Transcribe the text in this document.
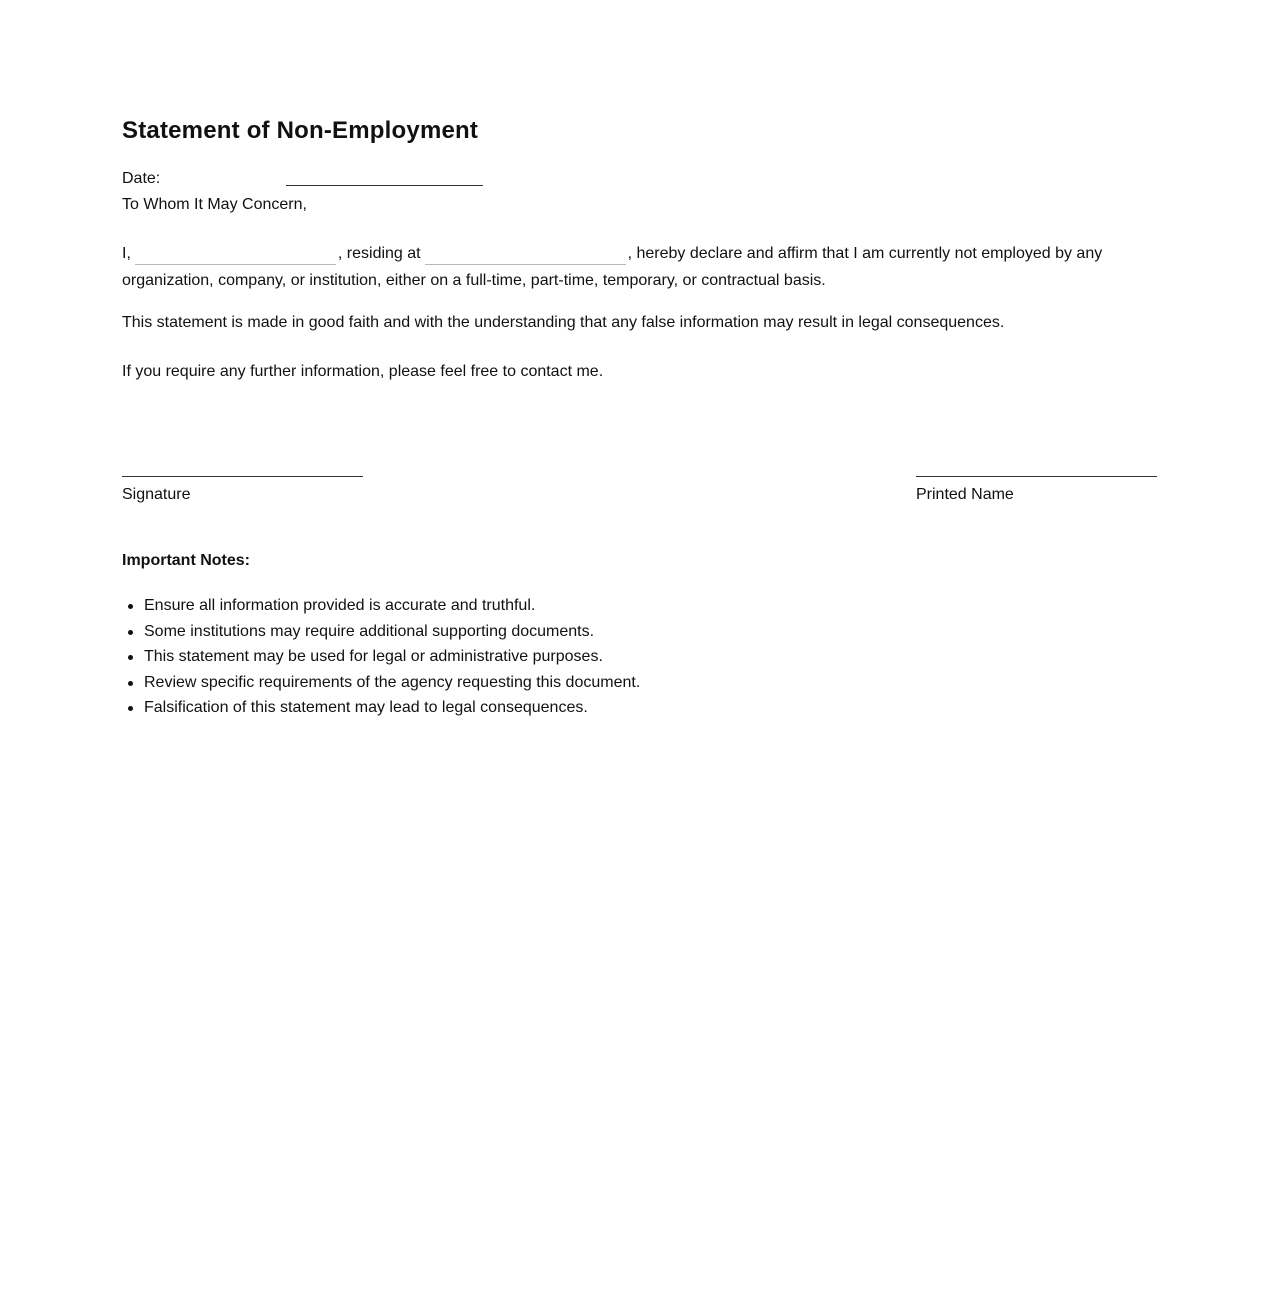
Statement of Non-Employment
Date:
To Whom It May Concern,
I,	, residing at	, hereby declare and affirm that I am currently not employed by any organization, company, or institution, either on a full-time, part-time, temporary, or contractual basis.
This statement is made in good faith and with the understanding that any false information may result in legal consequences.
If you require any further information, please feel free to contact me.
Signature	Printed Name
Important Notes:
Ensure all information provided is accurate and truthful.
Some institutions may require additional supporting documents.
This statement may be used for legal or administrative purposes.
Review specific requirements of the agency requesting this document.
Falsification of this statement may lead to legal consequences.
